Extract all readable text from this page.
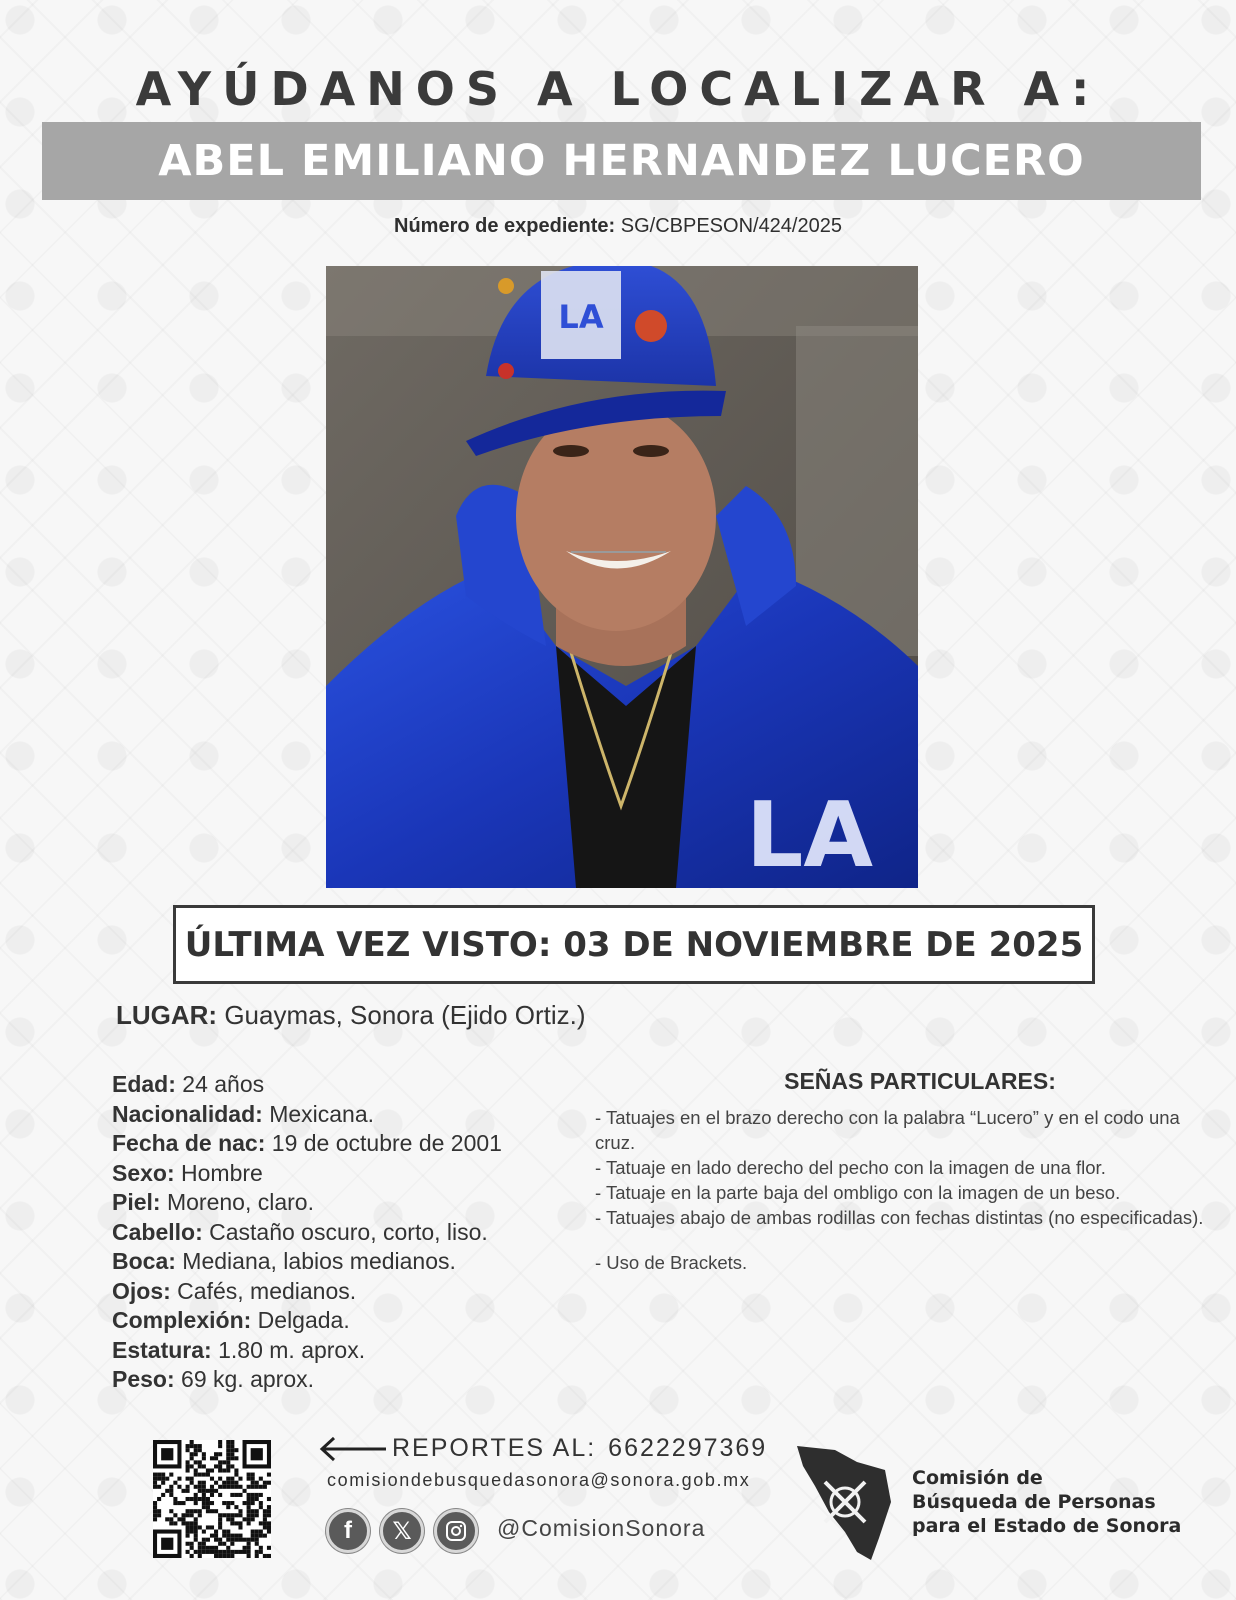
AYÚDANOS A LOCALIZAR A:
ABEL EMILIANO HERNANDEZ LUCERO
Número de expediente: SG/CBPESON/424/2025
LA
LA
ÚLTIMA VEZ VISTO: 03 DE NOVIEMBRE DE 2025
LUGAR: Guaymas, Sonora (Ejido Ortiz.)
Edad: 24 años
Nacionalidad: Mexicana.
Fecha de nac: 19 de octubre de 2001
Sexo: Hombre
Piel: Moreno, claro.
Cabello: Castaño oscuro, corto, liso.
Boca: Mediana, labios medianos.
Ojos: Cafés, medianos.
Complexión: Delgada.
Estatura: 1.80 m. aprox.
Peso: 69 kg. aprox.
SEÑAS PARTICULARES:
- Tatuajes en el brazo derecho con la palabra “Lucero” y en el codo una cruz.
- Tatuaje en lado derecho del pecho con la imagen de una flor.
- Tatuaje en la parte baja del ombligo con la imagen de un beso.
- Tatuajes abajo de ambas rodillas con fechas distintas (no especificadas).
- Uso de Brackets.
REPORTES AL: 6622297369
comisiondebusquedasonora@sonora.gob.mx
f	𝕏	@ComisionSonora
Comisión de
Búsqueda de Personas
para el Estado de Sonora
